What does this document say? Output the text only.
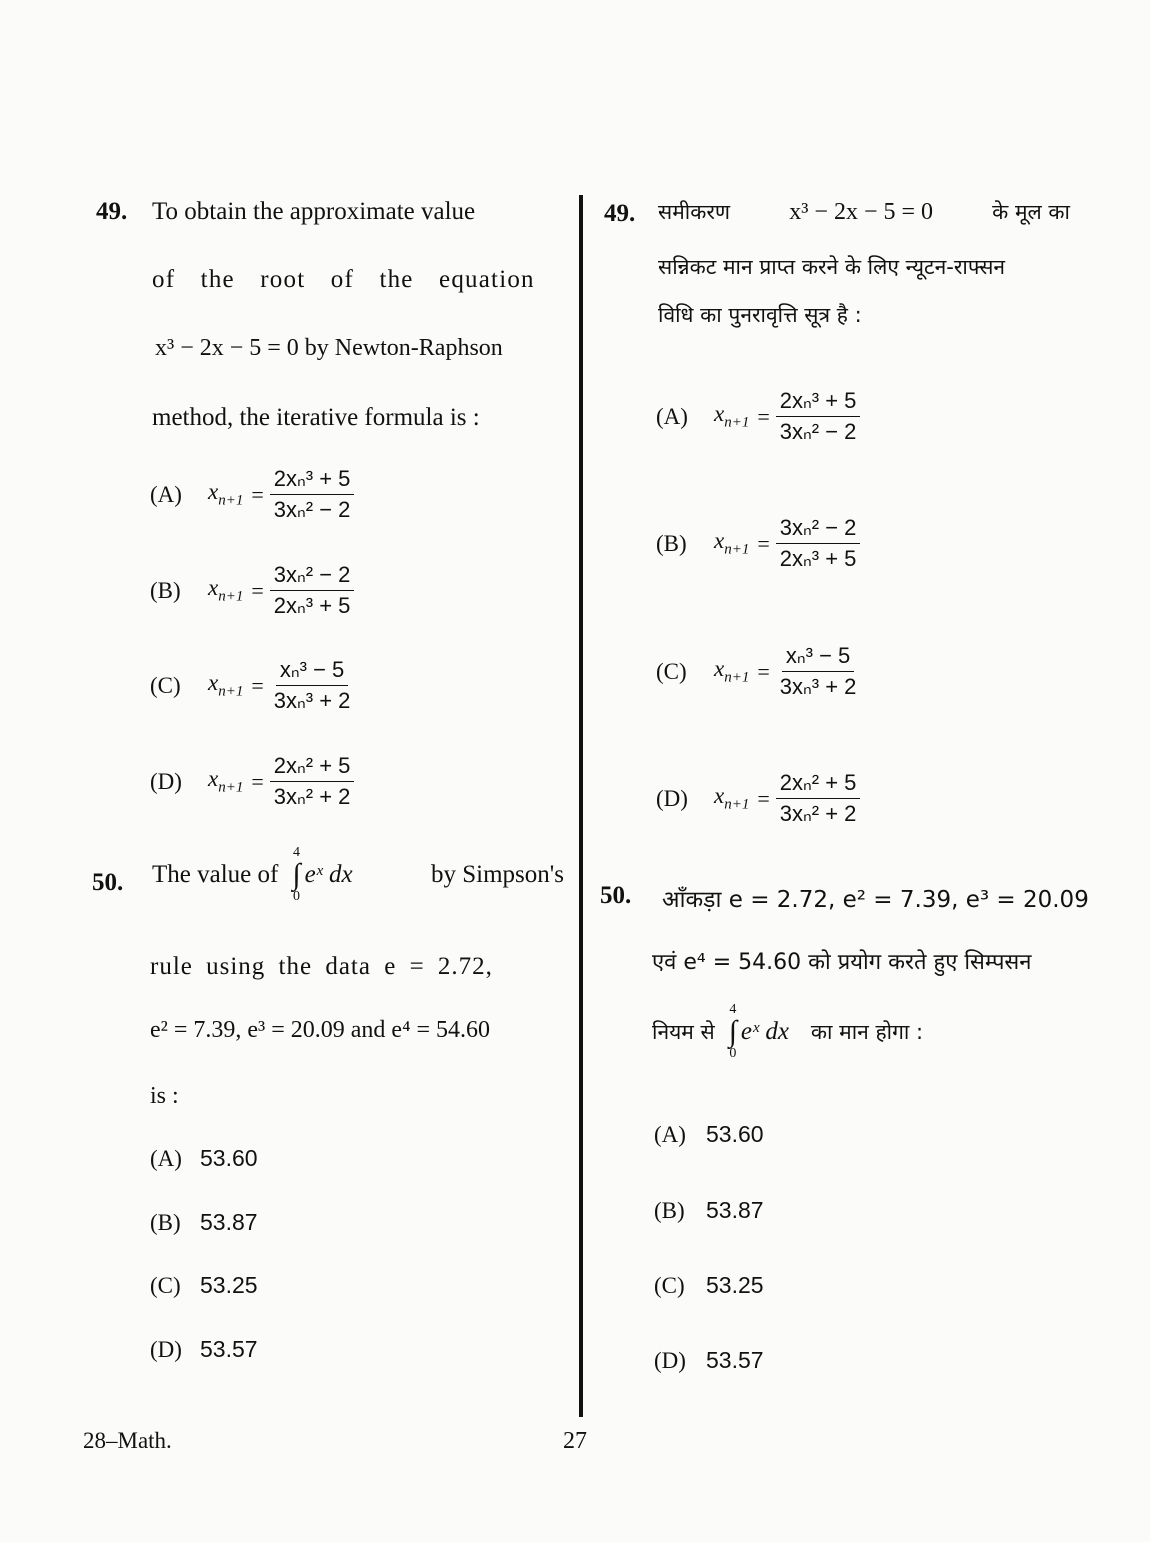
49. To obtain the approximate value
of the root of the equation
x³ − 2x − 5 = 0 by Newton-Raphson
method, the iterative formula is :
(A)	$x_{n+1} = \frac{\text{2xₙ³ + 5}}{\text{3xₙ² − 2}}$
(B)	$x_{n+1} = \frac{\text{3xₙ² − 2}}{\text{2xₙ³ + 5}}$
(C)	$x_{n+1} = \frac{\text{xₙ³ − 5}}{\text{3xₙ³ + 2}}$
(D)	$x_{n+1} = \frac{\text{2xₙ² + 5}}{\text{3xₙ² + 2}}$
50. The value of
4
∫
0
eˣ dx	by Simpson's
rule using the data e = 2.72,
e² = 7.39, e³ = 20.09 and e⁴ = 54.60
is :
(A) 53.60
(B) 53.87
(C) 53.25
(D) 53.57
49. समीकरण x³ − 2x − 5 = 0	के मूल का
सन्निकट मान प्राप्त करने के लिए न्यूटन-राफ्सन
विधि का पुनरावृत्ति सूत्र है :
(A)	$x_{n+1} = \frac{\text{2xₙ³ + 5}}{\text{3xₙ² − 2}}$
(B)	$x_{n+1} = \frac{\text{3xₙ² − 2}}{\text{2xₙ³ + 5}}$
(C)	$x_{n+1} = \frac{\text{xₙ³ − 5}}{\text{3xₙ³ + 2}}$
(D)	$x_{n+1} = \frac{\text{2xₙ² + 5}}{\text{3xₙ² + 2}}$
50. आँकड़ा e = 2.72, e² = 7.39, e³ = 20.09
एवं e⁴ = 54.60 को प्रयोग करते हुए सिम्पसन
नियम से
4
∫
0
eˣ dx का मान होगा :
(A) 53.60
(B) 53.87
(C) 53.25
(D) 53.57
28–Math.	27
